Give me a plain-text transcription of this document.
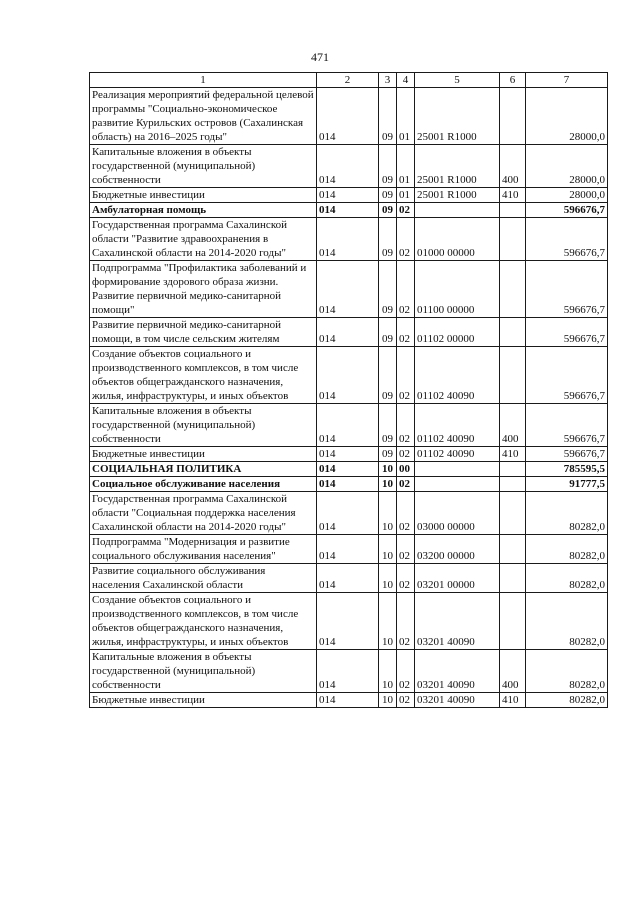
471
1	2	3	4	5	6	7
Реализация мероприятий федеральной целевой программы "Социально-экономическое развитие Курильских островов (Сахалинская область) на 2016–2025 годы"	014	09	01	25001 R1000		28000,0
Капитальные вложения в объекты государственной (муниципальной) собственности	014	09	01	25001 R1000	400	28000,0
Бюджетные инвестиции	014	09	01	25001 R1000	410	28000,0
Амбулаторная помощь	014	09	02			596676,7
Государственная программа Сахалинской области "Развитие здравоохранения в Сахалинской области на 2014-2020 годы"	014	09	02	01000 00000		596676,7
Подпрограмма "Профилактика заболеваний и формирование здорового образа жизни. Развитие первичной медико-санитарной помощи"	014	09	02	01100 00000		596676,7
Развитие первичной медико-санитарной помощи, в том числе сельским жителям	014	09	02	01102 00000		596676,7
Создание объектов социального и производственного комплексов, в том числе объектов общегражданского назначения, жилья, инфраструктуры, и иных объектов	014	09	02	01102 40090		596676,7
Капитальные вложения в объекты государственной (муниципальной) собственности	014	09	02	01102 40090	400	596676,7
Бюджетные инвестиции	014	09	02	01102 40090	410	596676,7
СОЦИАЛЬНАЯ ПОЛИТИКА	014	10	00			785595,5
Социальное обслуживание населения	014	10	02			91777,5
Государственная программа Сахалинской области "Социальная поддержка населения Сахалинской области на 2014-2020 годы"	014	10	02	03000 00000		80282,0
Подпрограмма "Модернизация и развитие социального обслуживания населения"	014	10	02	03200 00000		80282,0
Развитие социального обслуживания населения Сахалинской области	014	10	02	03201 00000		80282,0
Создание объектов социального и производственного комплексов, в том числе объектов общегражданского назначения, жилья, инфраструктуры, и иных объектов	014	10	02	03201 40090		80282,0
Капитальные вложения в объекты государственной (муниципальной) собственности	014	10	02	03201 40090	400	80282,0
Бюджетные инвестиции	014	10	02	03201 40090	410	80282,0
